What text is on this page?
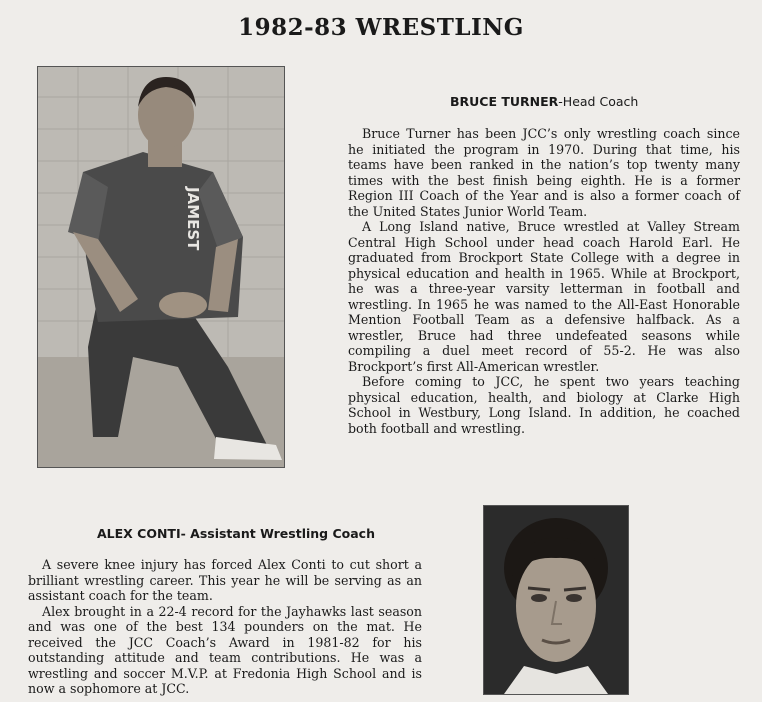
1982-83 WRESTLING
JAMEST
BRUCE TURNER-Head Coach

Bruce Turner has been JCC’s only wrestling coach since he initiated the program in 1970. During that time, his teams have been ranked in the nation’s top twenty many times with the best finish being eighth. He is a former Region III Coach of the Year and is also a former coach of the United States Junior World Team.

A Long Island native, Bruce wrestled at Valley Stream Central High School under head coach Harold Earl. He graduated from Brockport State College with a degree in physical education and health in 1965. While at Brockport, he was a three-year varsity letterman in football and wrestling. In 1965 he was named to the All-East Honorable Mention Football Team as a defensive halfback. As a wrestler, Bruce had three undefeated seasons while compiling a duel meet record of 55-2. He was also Brockport’s first All-American wrestler.

Before coming to JCC, he spent two years teaching physical education, health, and biology at Clarke High School in Westbury, Long Island. In addition, he coached both football and wrestling.

ALEX CONTI- Assistant Wrestling Coach

A severe knee injury has forced Alex Conti to cut short a brilliant wrestling career. This year he will be serving as an assistant coach for the team.

Alex brought in a 22-4 record for the Jayhawks last season and was one of the best 134 pounders on the mat. He received the JCC Coach’s Award in 1981-82 for his outstanding attitude and team contributions. He was a wrestling and soccer M.V.P. at Fredonia High School and is now a sophomore at JCC.
